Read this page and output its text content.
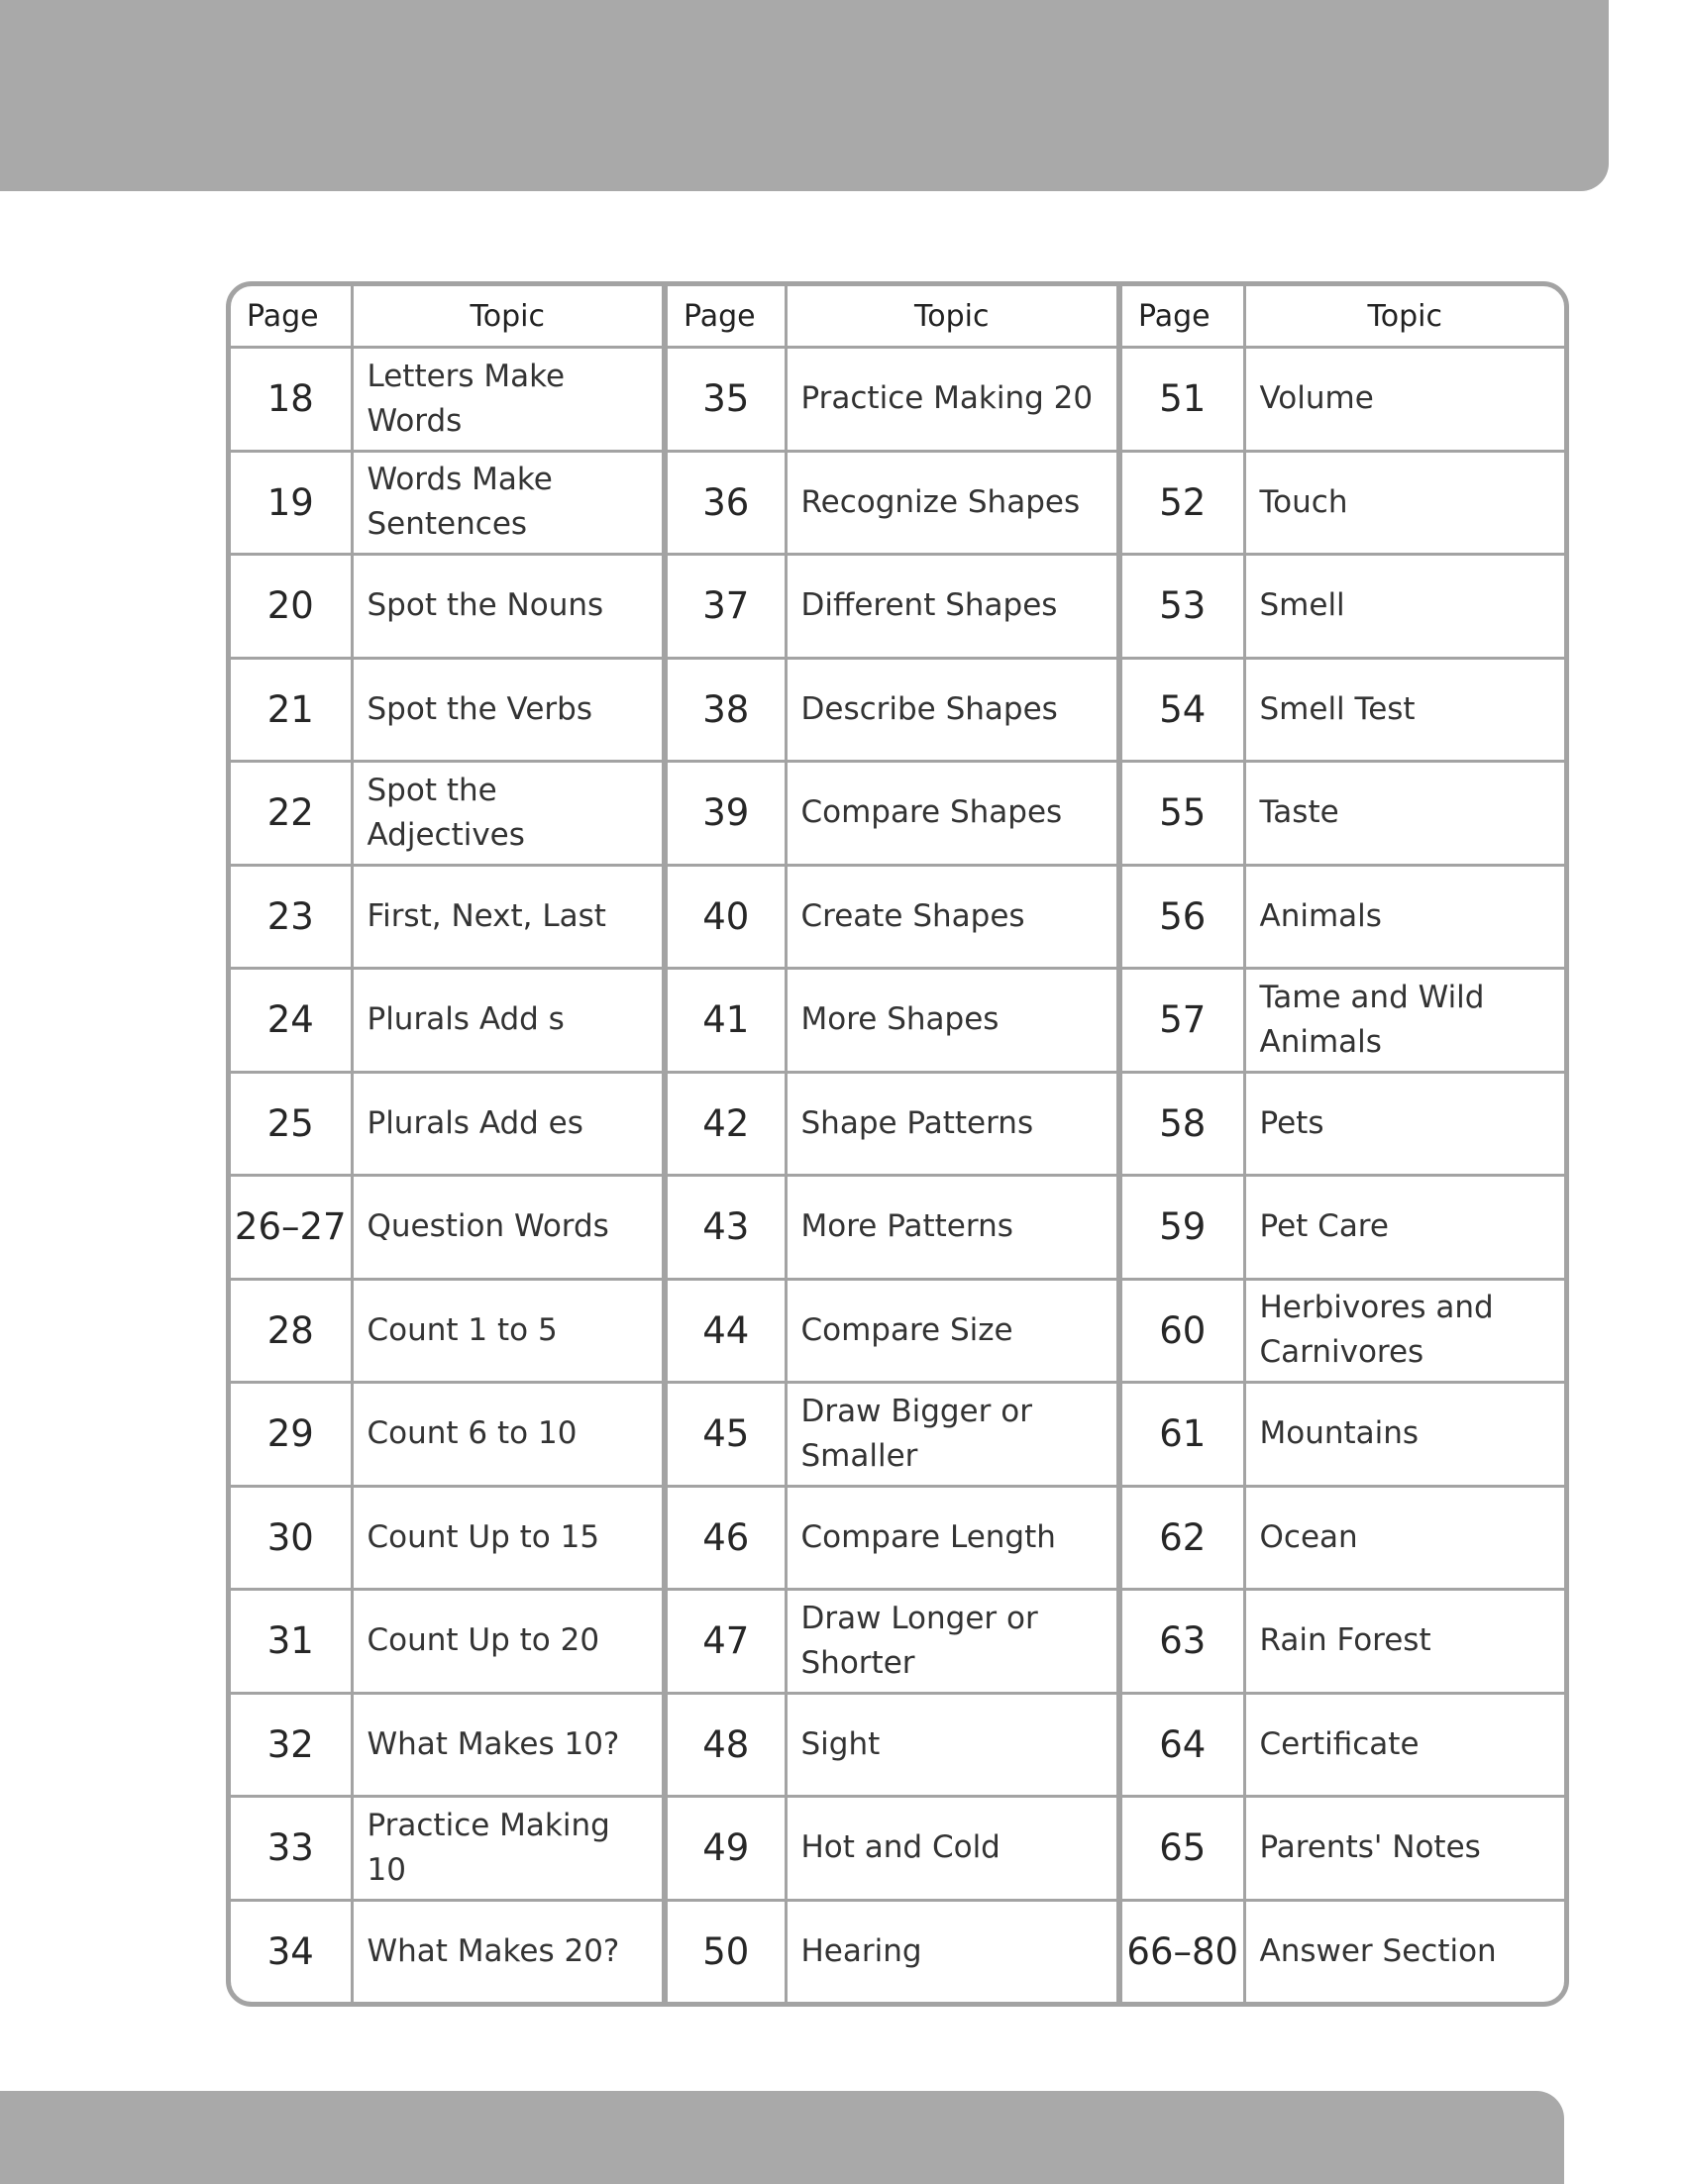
Page	Topic	Page	Topic	Page	Topic
18	Letters Make Words	35	Practice Making 20	51	Volume
19	Words Make Sentences	36	Recognize Shapes	52	Touch
20	Spot the Nouns	37	Different Shapes	53	Smell
21	Spot the Verbs	38	Describe Shapes	54	Smell Test
22	Spot the Adjectives	39	Compare Shapes	55	Taste
23	First, Next, Last	40	Create Shapes	56	Animals
24	Plurals Add s	41	More Shapes	57	Tame and Wild Animals
25	Plurals Add es	42	Shape Patterns	58	Pets
26–27	Question Words	43	More Patterns	59	Pet Care
28	Count 1 to 5	44	Compare Size	60	Herbivores and Carnivores
29	Count 6 to 10	45	Draw Bigger or Smaller	61	Mountains
30	Count Up to 15	46	Compare Length	62	Ocean
31	Count Up to 20	47	Draw Longer or Shorter	63	Rain Forest
32	What Makes 10?	48	Sight	64	Certificate
33	Practice Making 10	49	Hot and Cold	65	Parents' Notes
34	What Makes 20?	50	Hearing	66–80	Answer Section
